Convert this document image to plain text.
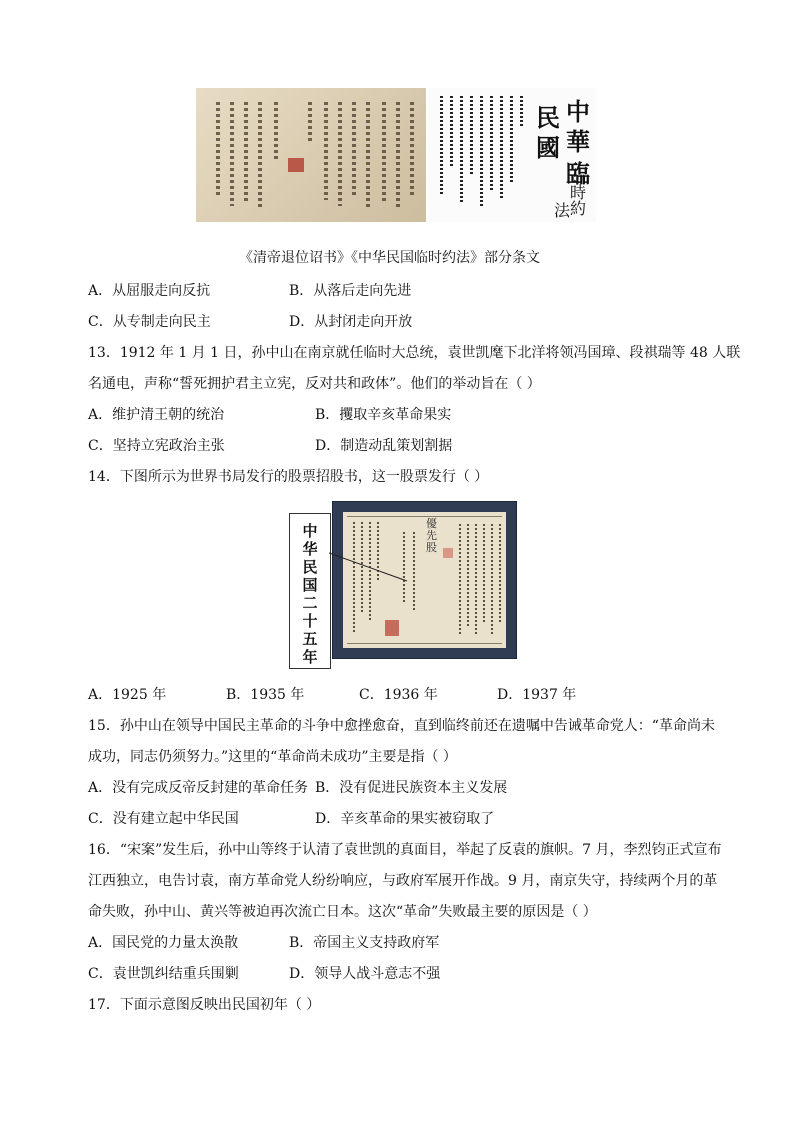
中
華
民
國
臨
時
約
法
《清帝退位诏书》《中华民国临时约法》部分条文
A．从屈服走向反抗	B．从落后走向先进
C．从专制走向民主	D．从封闭走向开放
13．1912 年 1 月 1 日，孙中山在南京就任临时大总统，袁世凯麾下北洋将领冯国璋、段祺瑞等 48 人联
名通电，声称“誓死拥护君主立宪，反对共和政体”。他们的举动旨在（ ）
A．维护清王朝的统治	B．攫取辛亥革命果实
C．坚持立宪政治主张	D．制造动乱策划割据
14．下图所示为世界书局发行的股票招股书，这一股票发行（ ）
中
华
民
国
二
十
五
年
優先股
A．1925 年	B．1935 年	C．1936 年	D．1937 年
15．孙中山在领导中国民主革命的斗争中愈挫愈奋，直到临终前还在遗嘱中告诫革命党人：“革命尚未
成功，同志仍须努力。”这里的“革命尚未成功”主要是指（ ）
A．没有完成反帝反封建的革命任务 B．没有促进民族资本主义发展
C．没有建立起中华民国	D．辛亥革命的果实被窃取了
16．“宋案”发生后，孙中山等终于认清了袁世凯的真面目，举起了反袁的旗帜。7 月，李烈钧正式宣布
江西独立，电告讨袁，南方革命党人纷纷响应，与政府军展开作战。9 月，南京失守，持续两个月的革
命失败，孙中山、黄兴等被迫再次流亡日本。这次“革命”失败最主要的原因是（ ）
A．国民党的力量太涣散	B．帝国主义支持政府军
C．袁世凯纠结重兵围剿	D．领导人战斗意志不强
17．下面示意图反映出民国初年（ ）
